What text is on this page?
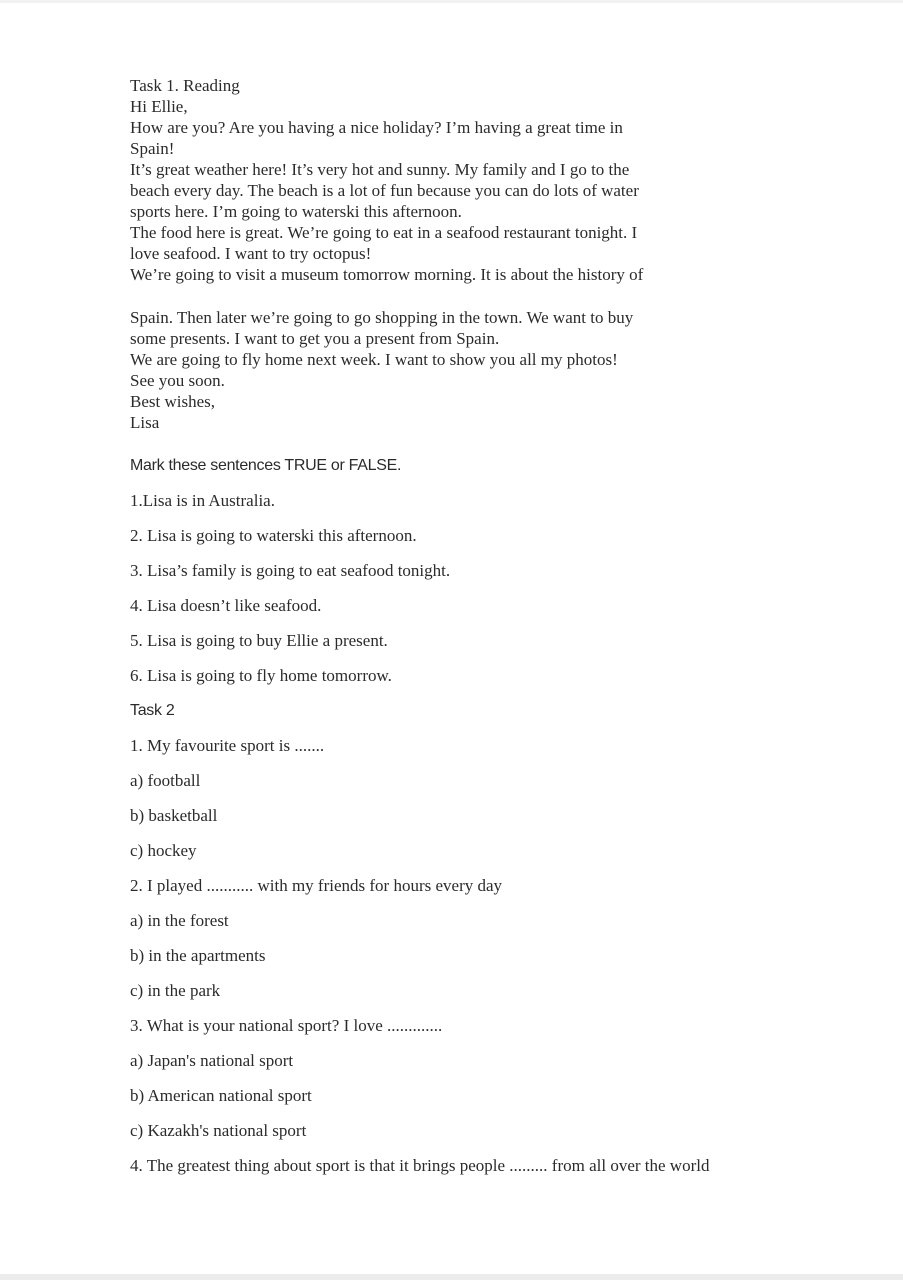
Task 1. Reading
Hi Ellie,
How are you? Are you having a nice holiday? I’m having a great time in
Spain!
It’s great weather here! It’s very hot and sunny. My family and I go to the
beach every day. The beach is a lot of fun because you can do lots of water
sports here. I’m going to waterski this afternoon.
The food here is great. We’re going to eat in a seafood restaurant tonight. I
love seafood. I want to try octopus!
We’re going to visit a museum tomorrow morning. It is about the history of
Spain. Then later we’re going to go shopping in the town. We want to buy
some presents. I want to get you a present from Spain.
We are going to fly home next week. I want to show you all my photos!
See you soon.
Best wishes,
Lisa
Mark these sentences TRUE or FALSE.
1.Lisa is in Australia.
2. Lisa is going to waterski this afternoon.
3. Lisa’s family is going to eat seafood tonight.
4. Lisa doesn’t like seafood.
5. Lisa is going to buy Ellie a present.
6. Lisa is going to fly home tomorrow.
Task 2
1. My favourite sport is .......
a) football
b) basketball
c) hockey
2. I played ........... with my friends for hours every day
a) in the forest
b) in the apartments
c) in the park
3. What is your national sport? I love .............
a) Japan's national sport
b) American national sport
c) Kazakh's national sport
4. The greatest thing about sport is that it brings people ......... from all over the world
